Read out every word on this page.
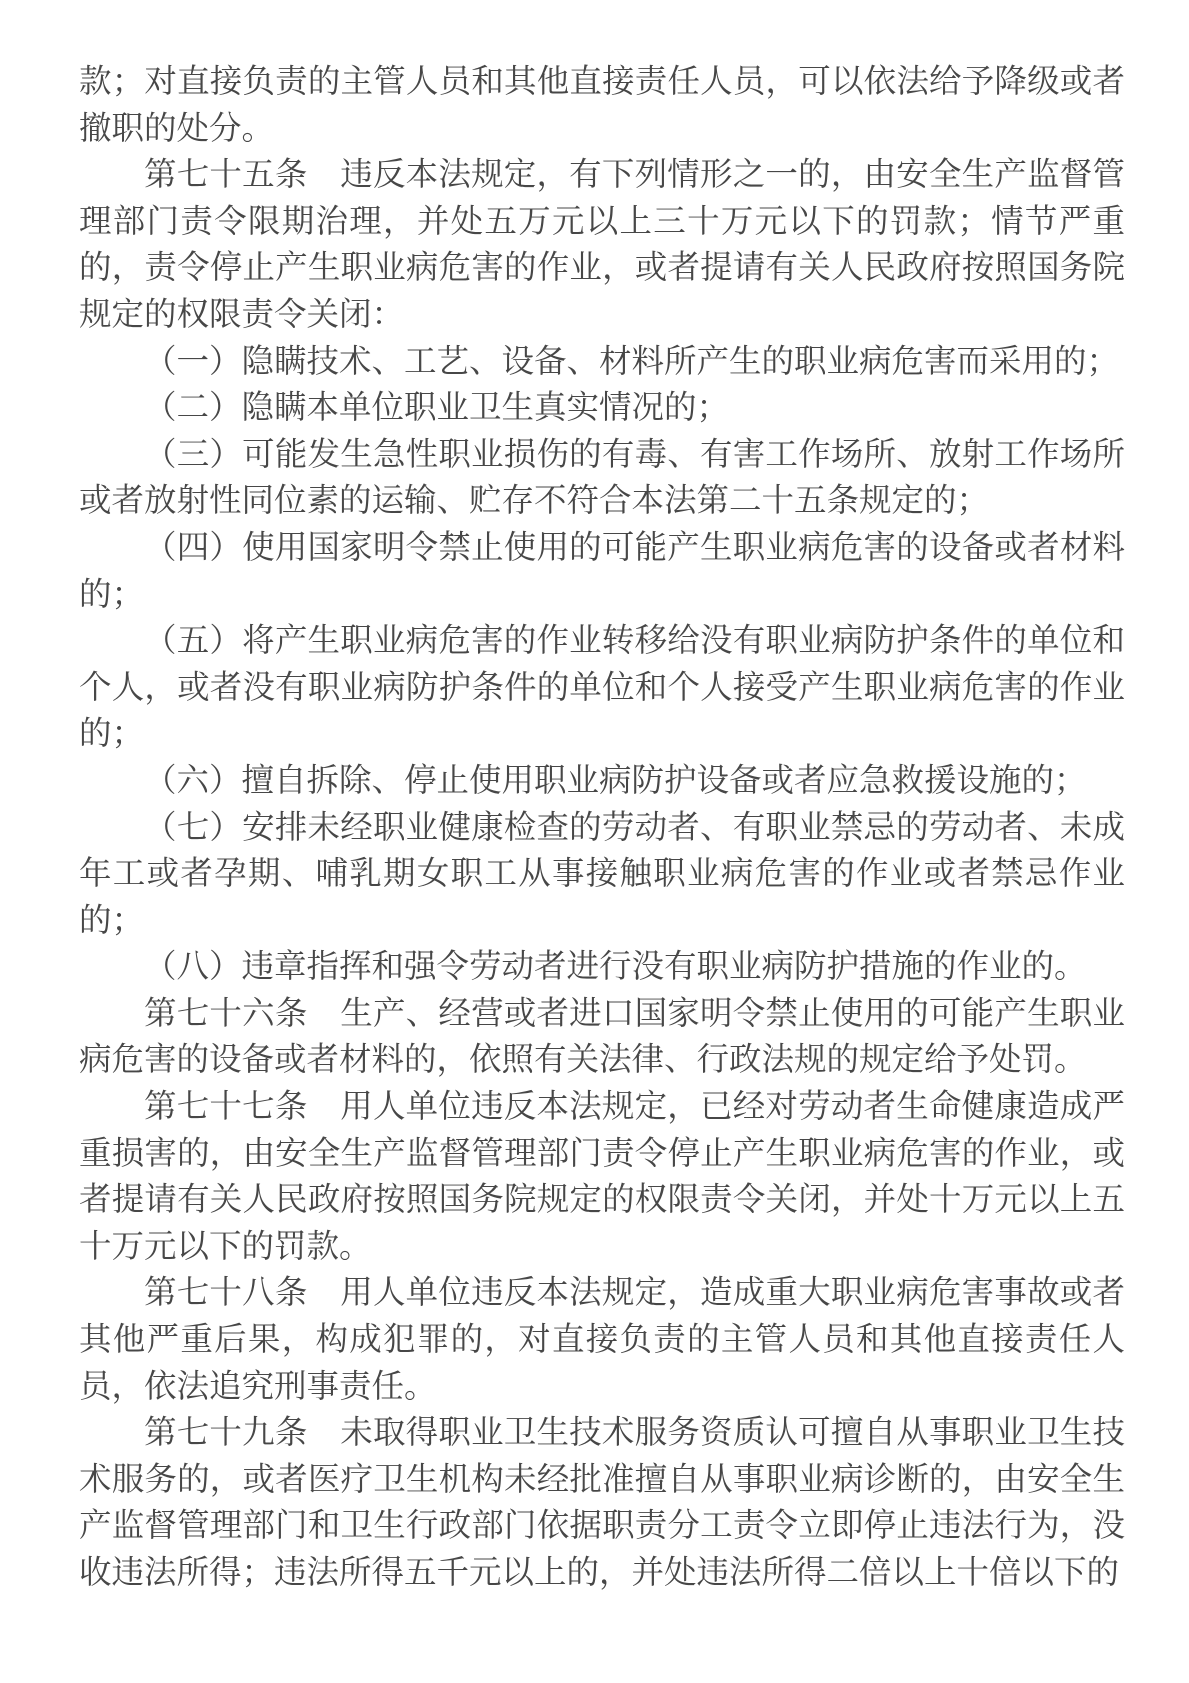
款；对直接负责的主管人员和其他直接责任人员，可以依法给予降级或者撤职的处分。

第七十五条　违反本法规定，有下列情形之一的，由安全生产监督管理部门责令限期治理，并处五万元以上三十万元以下的罚款；情节严重的，责令停止产生职业病危害的作业，或者提请有关人民政府按照国务院规定的权限责令关闭：

（一）隐瞒技术、工艺、设备、材料所产生的职业病危害而采用的；

（二）隐瞒本单位职业卫生真实情况的；

（三）可能发生急性职业损伤的有毒、有害工作场所、放射工作场所或者放射性同位素的运输、贮存不符合本法第二十五条规定的；

（四）使用国家明令禁止使用的可能产生职业病危害的设备或者材料的；

（五）将产生职业病危害的作业转移给没有职业病防护条件的单位和个人，或者没有职业病防护条件的单位和个人接受产生职业病危害的作业的；

（六）擅自拆除、停止使用职业病防护设备或者应急救援设施的；

（七）安排未经职业健康检查的劳动者、有职业禁忌的劳动者、未成年工或者孕期、哺乳期女职工从事接触职业病危害的作业或者禁忌作业的；

（八）违章指挥和强令劳动者进行没有职业病防护措施的作业的。

第七十六条　生产、经营或者进口国家明令禁止使用的可能产生职业病危害的设备或者材料的，依照有关法律、行政法规的规定给予处罚。

第七十七条　用人单位违反本法规定，已经对劳动者生命健康造成严重损害的，由安全生产监督管理部门责令停止产生职业病危害的作业，或者提请有关人民政府按照国务院规定的权限责令关闭，并处十万元以上五十万元以下的罚款。

第七十八条　用人单位违反本法规定，造成重大职业病危害事故或者其他严重后果，构成犯罪的，对直接负责的主管人员和其他直接责任人员，依法追究刑事责任。

第七十九条　未取得职业卫生技术服务资质认可擅自从事职业卫生技术服务的，或者医疗卫生机构未经批准擅自从事职业病诊断的，由安全生产监督管理部门和卫生行政部门依据职责分工责令立即停止违法行为，没收违法所得；违法所得五千元以上的，并处违法所得二倍以上十倍以下的
